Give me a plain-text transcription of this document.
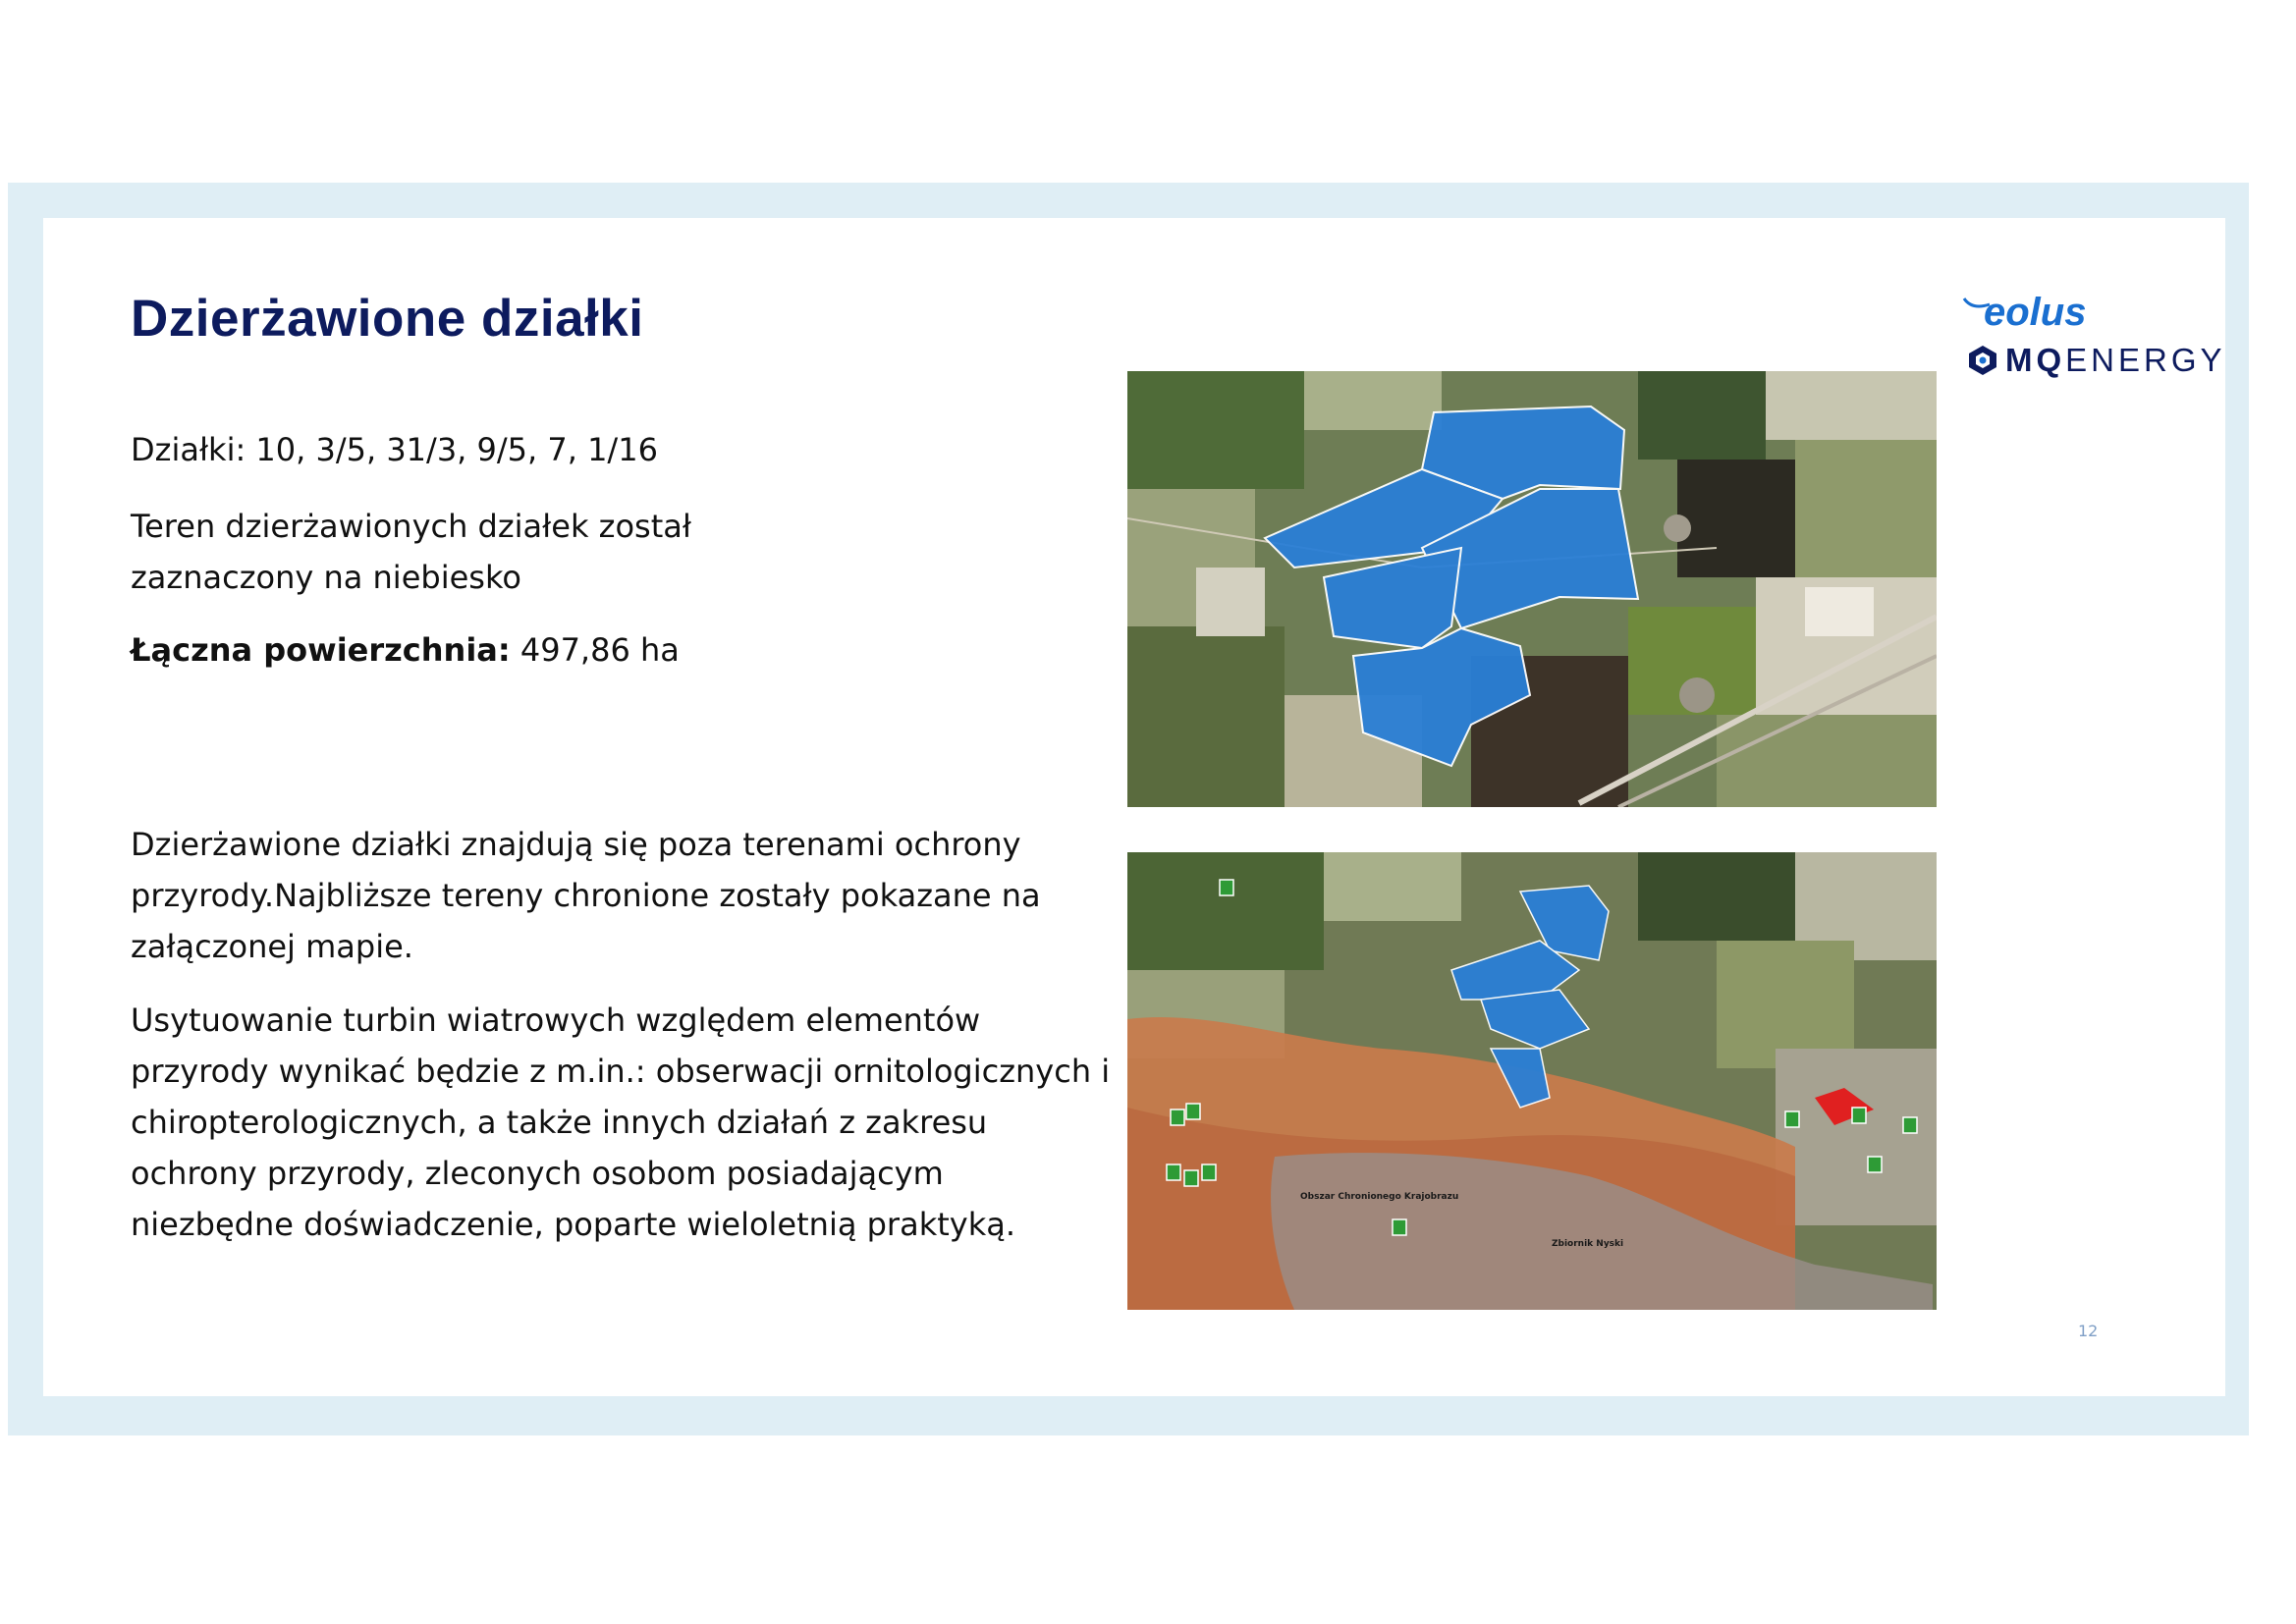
Dzierżawione działki
Działki: 10, 3/5, 31/3, 9/5, 7, 1/16
Teren dzierżawionych działek został zaznaczony na niebiesko
Łączna powierzchnia: 497,86 ha
Dzierżawione działki znajdują się poza terenami ochrony przyrody.Najbliższe tereny chronione zostały pokazane na załączonej mapie.
Usytuowanie turbin wiatrowych względem elementów przyrody wynikać będzie z m.in.: obserwacji ornitologicznych i chiropterologicznych, a także innych działań z zakresu ochrony przyrody, zleconych osobom posiadającym niezbędne doświadczenie, poparte wieloletnią praktyką.
eolus
MQ ENERGY
Obszar Chronionego Krajobrazu
Zbiornik Nyski
12
